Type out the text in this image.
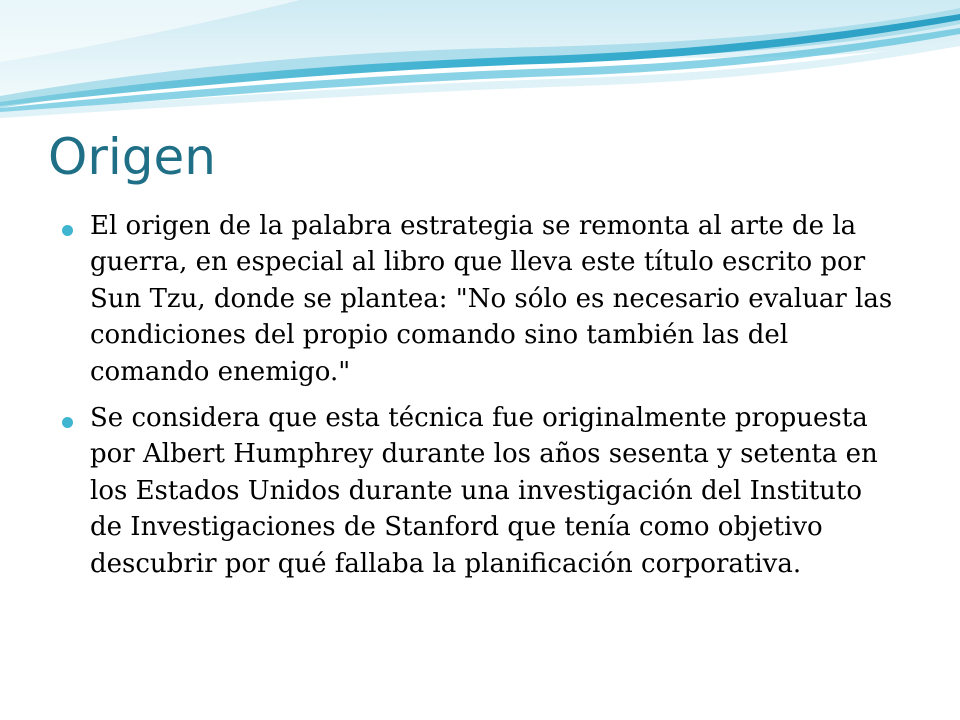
Origen
El origen de la palabra estrategia se remonta al arte de la guerra, en especial al libro que lleva este título escrito por Sun Tzu, donde se plantea: "No sólo es necesario evaluar las condiciones del propio comando sino también las del comando enemigo."
Se considera que esta técnica fue originalmente propuesta por Albert Humphrey durante los años sesenta y setenta en los Estados Unidos durante una investigación del Instituto de Investigaciones de Stanford que tenía como objetivo descubrir por qué fallaba la planificación corporativa.
